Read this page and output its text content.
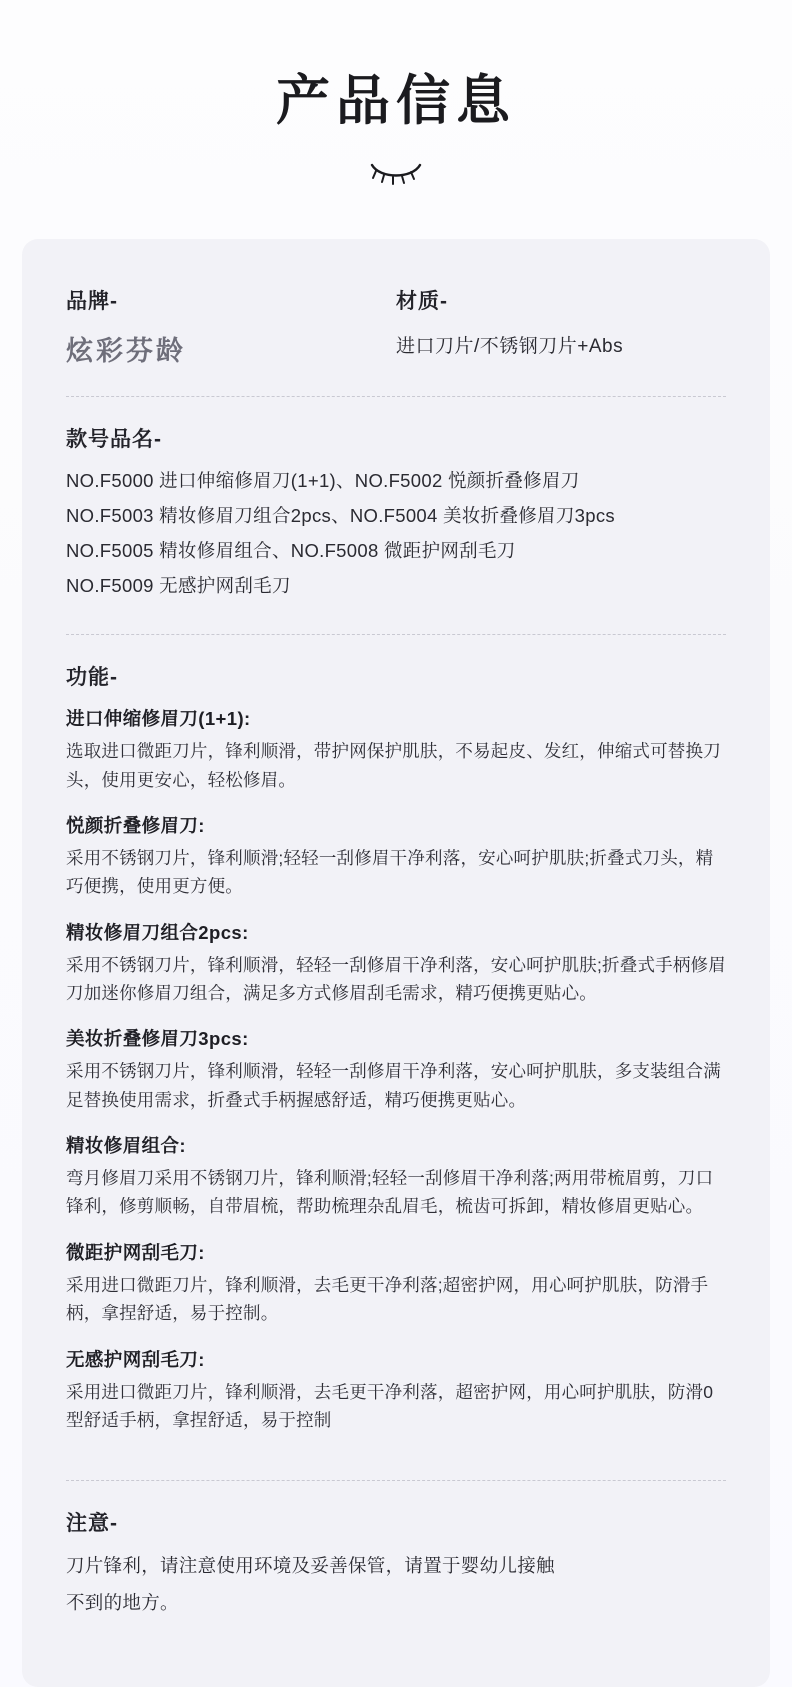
产品信息

品牌-

炫彩芬龄

材质-

进口刀片/不锈钢刀片+Abs

款号品名-

NO.F5000 进口伸缩修眉刀(1+1)、NO.F5002 悦颜折叠修眉刀

NO.F5003 精妆修眉刀组合2pcs、NO.F5004 美妆折叠修眉刀3pcs

NO.F5005 精妆修眉组合、NO.F5008 微距护网刮毛刀

NO.F5009 无感护网刮毛刀

功能-

进口伸缩修眉刀(1+1):

选取进口微距刀片，锋利顺滑，带护网保护肌肤，不易起皮、发红，伸缩式可替换刀头，使用更安心，轻松修眉。

悦颜折叠修眉刀:

采用不锈钢刀片，锋利顺滑;轻轻一刮修眉干净利落，安心呵护肌肤;折叠式刀头，精巧便携，使用更方便。

精妆修眉刀组合2pcs:

采用不锈钢刀片，锋利顺滑，轻轻一刮修眉干净利落，安心呵护肌肤;折叠式手柄修眉刀加迷你修眉刀组合，满足多方式修眉刮毛需求，精巧便携更贴心。

美妆折叠修眉刀3pcs:

采用不锈钢刀片，锋利顺滑，轻轻一刮修眉干净利落，安心呵护肌肤，多支装组合满足替换使用需求，折叠式手柄握感舒适，精巧便携更贴心。

精妆修眉组合:

弯月修眉刀采用不锈钢刀片，锋利顺滑;轻轻一刮修眉干净利落;两用带梳眉剪，刀口锋利，修剪顺畅，自带眉梳，帮助梳理杂乱眉毛，梳齿可拆卸，精妆修眉更贴心。

微距护网刮毛刀:

采用进口微距刀片，锋利顺滑，去毛更干净利落;超密护网，用心呵护肌肤，防滑手柄，拿捏舒适，易于控制。

无感护网刮毛刀:

采用进口微距刀片，锋利顺滑，去毛更干净利落，超密护网，用心呵护肌肤，防滑0型舒适手柄，拿捏舒适，易于控制

注意-

刀片锋利，请注意使用环境及妥善保管，请置于婴幼儿接触

不到的地方。
